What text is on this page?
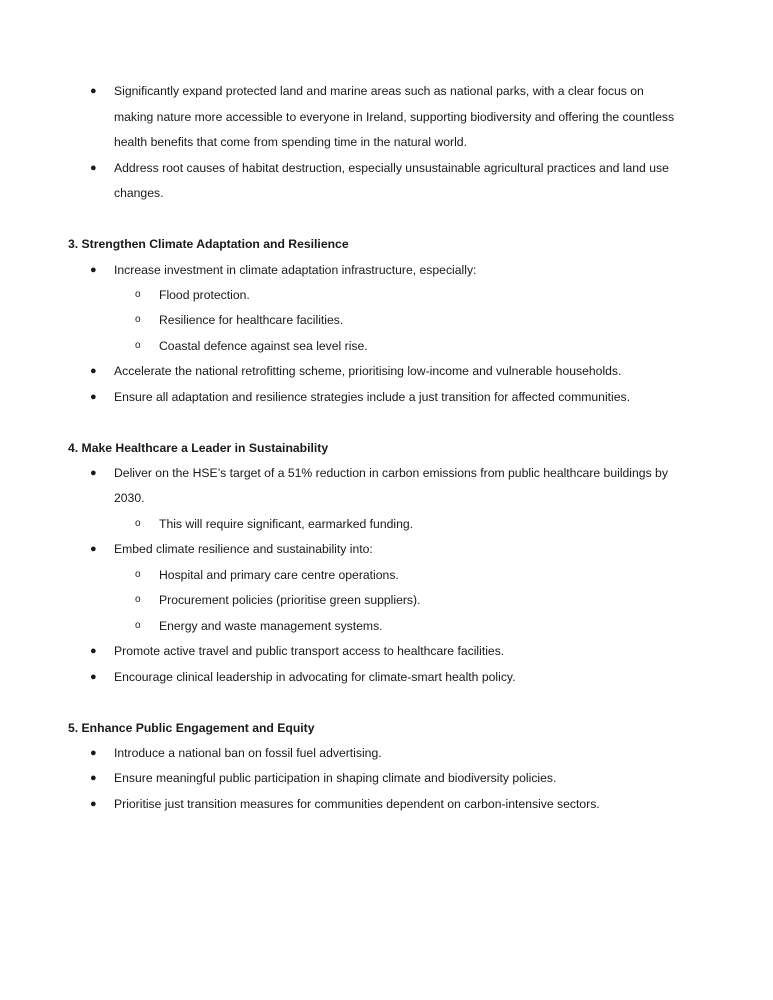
● Significantly expand protected land and marine areas such as national parks, with a clear focus on
making nature more accessible to everyone in Ireland, supporting biodiversity and offering the countless
health benefits that come from spending time in the natural world.
● Address root causes of habitat destruction, especially unsustainable agricultural practices and land use
changes.
3. Strengthen Climate Adaptation and Resilience
● Increase investment in climate adaptation infrastructure, especially:
o Flood protection.
o Resilience for healthcare facilities.
o Coastal defence against sea level rise.
● Accelerate the national retrofitting scheme, prioritising low-income and vulnerable households.
● Ensure all adaptation and resilience strategies include a just transition for affected communities.
4. Make Healthcare a Leader in Sustainability
● Deliver on the HSE’s target of a 51% reduction in carbon emissions from public healthcare buildings by
2030.
o This will require significant, earmarked funding.
● Embed climate resilience and sustainability into:
o Hospital and primary care centre operations.
o Procurement policies (prioritise green suppliers).
o Energy and waste management systems.
● Promote active travel and public transport access to healthcare facilities.
● Encourage clinical leadership in advocating for climate-smart health policy.
5. Enhance Public Engagement and Equity
● Introduce a national ban on fossil fuel advertising.
● Ensure meaningful public participation in shaping climate and biodiversity policies.
● Prioritise just transition measures for communities dependent on carbon-intensive sectors.
